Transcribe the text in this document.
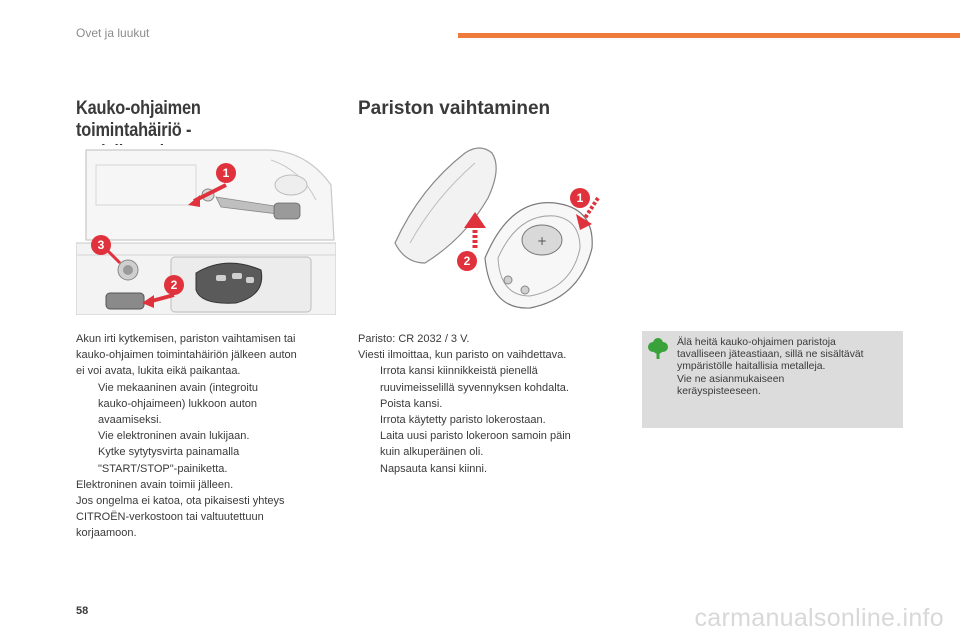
Ovet ja luukut
Kauko-ohjaimen toimintahäiriö -
1
2
3
Akun irti kytkemisen, pariston vaihtamisen tai
kauko-ohjaimen toimintahäiriön jälkeen auton
ei voi avata, lukita eikä paikantaa.
Vie mekaaninen avain (integroitu
kauko-ohjaimeen) lukkoon auton
avaamiseksi.
Vie elektroninen avain lukijaan.
Kytke sytytysvirta painamalla
"START/STOP"-painiketta.
Elektroninen avain toimii jälleen.
Jos ongelma ei katoa, ota pikaisesti yhteys
CITROËN-verkostoon tai valtuutettuun
korjaamoon.
Pariston vaihtaminen
+
2
1
Paristo: CR 2032 / 3 V.
Viesti ilmoittaa, kun paristo on vaihdettava.
Irrota kansi kiinnikkeistä pienellä
ruuvimeisselillä syvennyksen kohdalta.
Poista kansi.
Irrota käytetty paristo lokerostaan.
Laita uusi paristo lokeroon samoin päin
kuin alkuperäinen oli.
Napsauta kansi kiinni.
Älä heitä kauko-ohjaimen paristoja
tavalliseen jäteastiaan, sillä ne sisältävät
ympäristölle haitallisia metalleja.
Vie ne asianmukaiseen
keräyspisteeseen.
58	carmanualsonline.info
